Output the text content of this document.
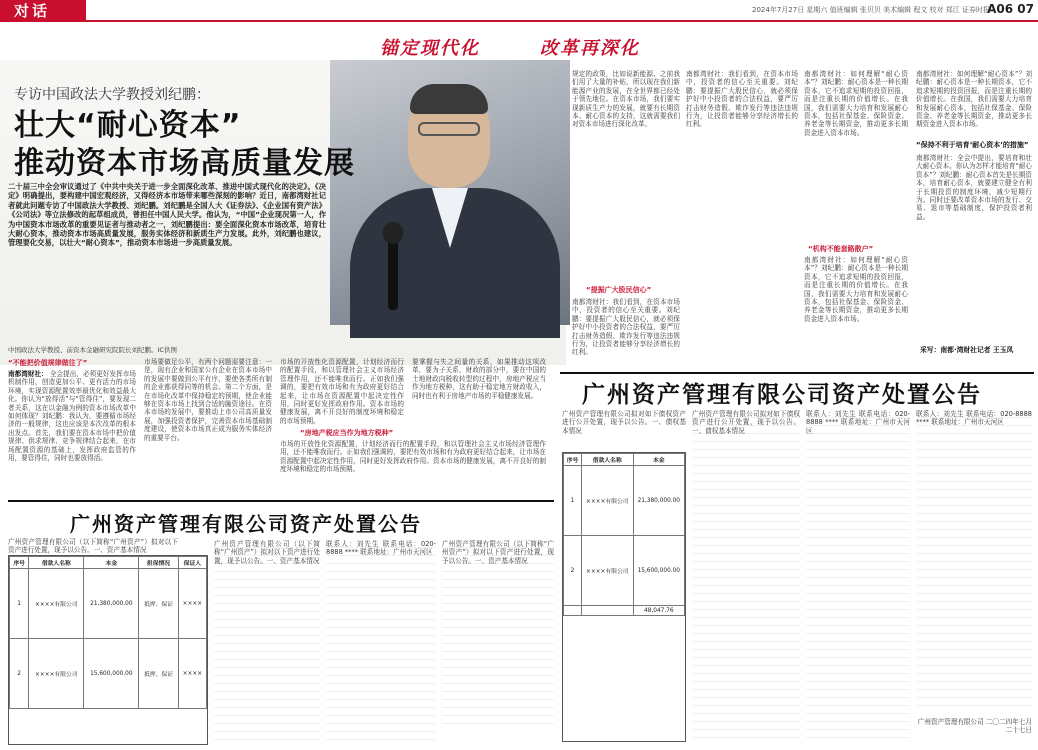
对话	2024年7月27日 星期六 值班编辑 张贝贝 美术编辑 程文 校对 郑江 证券时报
A06 07
锚定现代化	改革再深化
专访中国政法大学教授刘纪鹏：
壮大“耐心资本”
推动资本市场高质量发展
二十届三中全会审议通过了《中共中央关于进一步全面深化改革、推进中国式现代化的决定》。《决定》明确提出，要构建中国宏观经济，又得经济本市场带来哪些深刻的影响？近日，南都湾财社记者就此问题专访了中国政法大学教授、刘纪鹏。刘纪鹏是全国人大《证券法》、《企业国有资产法》《公司法》等立法修改的起草组成员，曾担任中国人民大学。他认为，“中国”企业现况第一人，作为中国资本市场改革的重要见证者与推动者之一，刘纪鹏提出：要全面深化资本市场改革，培育壮大耐心资本，推动资本市场高质量发展，服务实体经济和新质生产力发展。此外，刘纪鹏也建议，管理要化交易，以壮大“耐心资本”，推动资本市场进一步高质量发展。
中国政法大学教授、前资本金融研究院院长刘纪鹏。IC供图
“不能把价值规律做往了”
南都湾财社： 全会提出，必须更好发挥市场机制作用，创造更加公平、更有活力的市场环境，实现资源配置效率最优化和效益最大化。你认为“放得活”与“管得住”，要发现二者关系，这在以金融为例的资本市场改革中如何体现？刘纪鹏：我认为，要遵循市场经济的一般规律，这也应该是本次改革的根本出发点。首先，我们要在资本市场中把价值规律、供求规律、竞争规律结合起来，在市场配置资源的基础上，发挥政府监管的作用，要管得住，同时也要放得活。
市场要做足公平，有两个问题需要注意：一是，现有企业和国家公有企业在资本市场中的发展中要做到公平有序，要使各类所有制的企业都获得同等的机会。第二个方面，是在市场化改革中保持稳定的预期，使企业能够在资本市场上找到合适的融资途径。在资本市场的发展中，要推动上市公司高质量发展，加强投资者保护，完善资本市场基础制度建设，使资本市场真正成为服务实体经济的重要平台。
市场的开放性化资源配置，计划经济而行的配置手段，和以管理社会主义市场经济管理作用，还不能唯我而行。正如我们强调的，要把有效市场和有为政府更好结合起来，让市场在资源配置中起决定性作用，同时更好发挥政府作用。资本市场的健康发展，离不开良好的制度环境和稳定的市场预期。
要掌握与失之间量的关系，如果推动这项改革，要为子关系，财政的部分中，要在中国的土地财政向税收转型的过程中，房地产税应当作为地方税种，这有助于稳定地方财政收入，同时也有利于房地产市场的平稳健康发展。
“房地产税应当作为地方税种”
市场的开放性化资源配置，计划经济而行的配置手段，和以管理社会主义市场经济管理作用，还不能唯我而行。正如我们强调的，要把有效市场和有为政府更好结合起来，让市场在资源配置中起决定性作用，同时更好发挥政府作用。资本市场的健康发展，离不开良好的制度环境和稳定的市场预期。
规定的政策，比如说新能源、之前我们用了大量的补贴，所以现在我们新能源产业的发展，在全世界都已经处于领先地位。在资本市场，我们要实现新质生产力的发展，就要有长期资本、耐心资本的支持，这就需要我们对资本市场进行深化改革。
“提振广大股民信心”
南都湾财社：我们看到，在资本市场中，投资者的信心至关重要。刘纪鹏：要提振广大股民信心，就必须保护好中小投资者的合法权益，要严厉打击财务造假、欺诈发行等违法违规行为，让投资者能够分享经济增长的红利。
南都湾财社：我们看到，在资本市场中，投资者的信心至关重要。刘纪鹏：要提振广大股民信心，就必须保护好中小投资者的合法权益，要严厉打击财务造假、欺诈发行等违法违规行为，让投资者能够分享经济增长的红利。
南都湾财社：如何理解“耐心资本”？刘纪鹏：耐心资本是一种长期资本，它不追求短期的投资回报，而是注重长期的价值增长。在我国，我们需要大力培育和发展耐心资本，包括社保基金、保险资金、养老金等长期资金，推动更多长期资金进入资本市场。
“机构不能套路散户”
南都湾财社：如何理解“耐心资本”？刘纪鹏：耐心资本是一种长期资本，它不追求短期的投资回报，而是注重长期的价值增长。在我国，我们需要大力培育和发展耐心资本，包括社保基金、保险资金、养老金等长期资金，推动更多长期资金进入资本市场。
“保持不利于培育‘耐心资本’的措施”
南都湾财社：全会中提出，要培育和壮大耐心资本。你认为怎样才能培育“耐心资本”？刘纪鹏：耐心资本首先是长期资本，培育耐心资本，就要建立健全有利于长期投资的制度环境，减少短期行为。同时还要改革资本市场的发行、交易、退市等基础制度，保护投资者利益。
南都湾财社：如何理解“耐心资本”？刘纪鹏：耐心资本是一种长期资本，它不追求短期的投资回报，而是注重长期的价值增长。在我国，我们需要大力培育和发展耐心资本，包括社保基金、保险资金、养老金等长期资金，推动更多长期资金进入资本市场。
采写：南都·湾财社记者 王玉凤
广州资产管理有限公司资产处置公告
广州资产管理有限公司（以下简称“广州资产”）拟对以下资产进行处置，现予以公告。一、资产基本情况
序号	借款人名称	本金	担保情况	保证人
1	××××有限公司	21,380,000.00	抵押、保证	××××
2	××××有限公司	15,600,000.00	抵押、保证	××××
广州资产管理有限公司（以下简称“广州资产”）拟对以下资产进行处置，现予以公告。一、资产基本情况
联系人：刘先生 联系电话：020-8888 **** 联系地址：广州市天河区
广州资产管理有限公司（以下简称“广州资产”）拟对以下资产进行处置，现予以公告。一、资产基本情况
广州资产管理有限公司资产处置公告
广州资产管理有限公司拟对如下债权资产进行公开处置，现予以公告。一、债权基本情况
序号	借款人名称	本金
1	××××有限公司	21,380,000.00
2	××××有限公司	15,600,000.00
		48,047.76
广州资产管理有限公司拟对如下债权资产进行公开处置，现予以公告。一、债权基本情况
联系人：刘先生 联系电话：020-8888 **** 联系地址：广州市天河区
联系人：刘先生 联系电话：020-8888 **** 联系地址：广州市天河区
广州资产管理有限公司 二〇二四年七月二十七日
